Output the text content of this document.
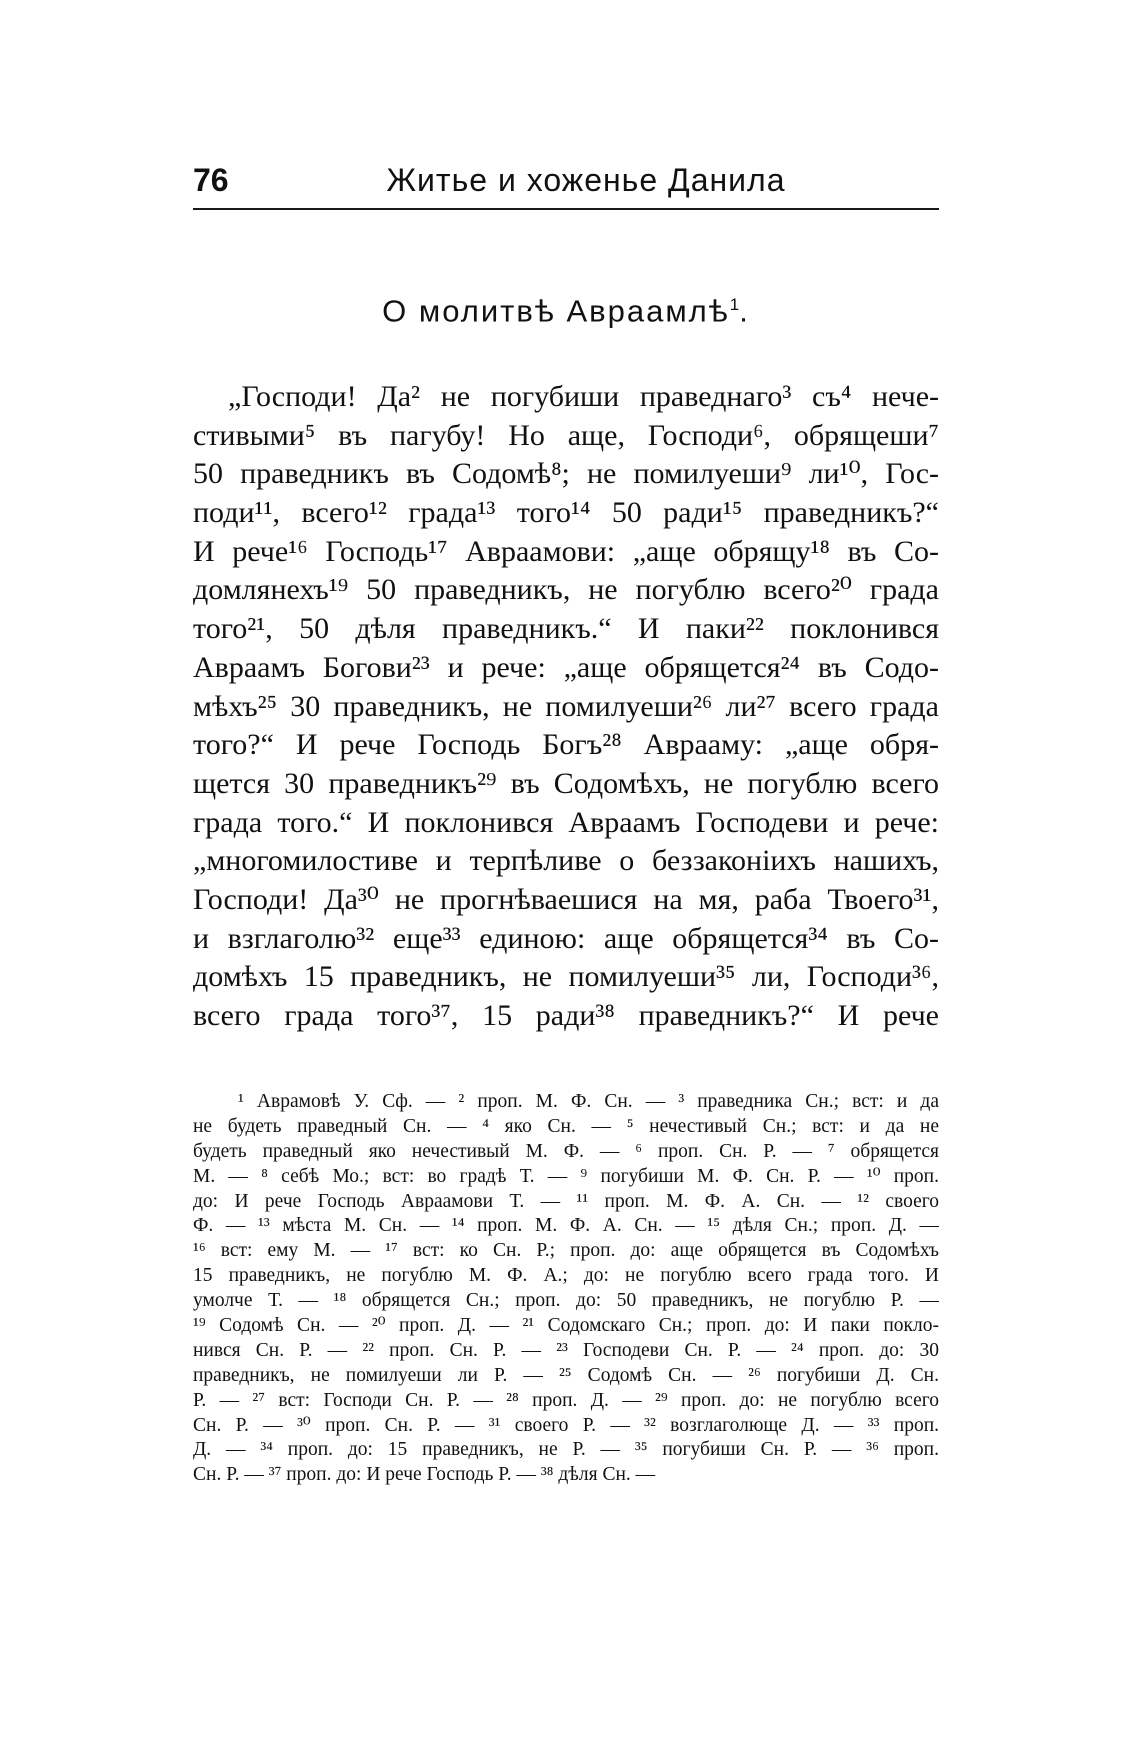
76	Житье и хоженье Данила
О молитвѣ Авраамлѣ$^1$.
„Господи! Да² не погубиши праведнаго³ съ⁴ нече-
стивыми⁵ въ пагубу! Но аще, Господи⁶, обрящеши⁷
50 праведникъ въ Содомѣ⁸; не помилуеши⁹ ли¹⁰, Гос-
поди¹¹, всего¹² града¹³ того¹⁴ 50 ради¹⁵ праведникъ?“
И рече¹⁶ Господь¹⁷ Авраамови: „аще обрящу¹⁸ въ Со-
домлянехъ¹⁹ 50 праведникъ, не погублю всего²⁰ града
того²¹, 50 дѣля праведникъ.“ И паки²² поклонився
Авраамъ Богови²³ и рече: „аще обрящется²⁴ въ Содо-
мѣхъ²⁵ 30 праведникъ, не помилуеши²⁶ ли²⁷ всего града
того?“ И рече Господь Богъ²⁸ Аврааму: „аще обря-
щется 30 праведникъ²⁹ въ Содомѣхъ, не погублю всего
града того.“ И поклонився Авраамъ Господеви и рече:
„многомилостиве и терпѣливе о беззаконiихъ нашихъ,
Господи! Да³⁰ не прогнѣваешися на мя, раба Твоего³¹,
и взглаголю³² еще³³ единою: аще обрящется³⁴ въ Со-
домѣхъ 15 праведникъ, не помилуеши³⁵ ли, Господи³⁶,
всего града того³⁷, 15 ради³⁸ праведникъ?“ И рече
¹ Аврамовѣ У. Сф. — ² проп. М. Ф. Сн. — ³ праведника Сн.; вст: и да
не будеть праведный Сн. — ⁴ яко Сн. — ⁵ нечестивый Сн.; вст: и да не
будеть праведный яко нечестивый М. Ф. — ⁶ проп. Сн. Р. — ⁷ обрящется
М. — ⁸ себѣ Мо.; вст: во градѣ Т. — ⁹ погубиши М. Ф. Сн. Р. — ¹⁰ проп.
до: И рече Господь Авраамови Т. — ¹¹ проп. М. Ф. А. Сн. — ¹² своего
Ф. — ¹³ мѣста М. Сн. — ¹⁴ проп. М. Ф. А. Сн. — ¹⁵ дѣля Сн.; проп. Д. —
¹⁶ вст: ему М. — ¹⁷ вст: ко Сн. Р.; проп. до: аще обрящется въ Содомѣхъ
15 праведникъ, не погублю М. Ф. А.; до: не погублю всего града того. И
умолче Т. — ¹⁸ обрящется Сн.; проп. до: 50 праведникъ, не погублю Р. —
¹⁹ Содомѣ Сн. — ²⁰ проп. Д. — ²¹ Содомскаго Сн.; проп. до: И паки покло-
нився Сн. Р. — ²² проп. Сн. Р. — ²³ Господеви Сн. Р. — ²⁴ проп. до: 30
праведникъ, не помилуеши ли Р. — ²⁵ Содомѣ Сн. — ²⁶ погубиши Д. Сн.
Р. — ²⁷ вст: Господи Сн. Р. — ²⁸ проп. Д. — ²⁹ проп. до: не погублю всего
Сн. Р. — ³⁰ проп. Сн. Р. — ³¹ своего Р. — ³² возглаголюще Д. — ³³ проп.
Д. — ³⁴ проп. до: 15 праведникъ, не Р. — ³⁵ погубиши Сн. Р. — ³⁶ проп.
Сн. Р. — ³⁷ проп. до: И рече Господь Р. — ³⁸ дѣля Сн. —
